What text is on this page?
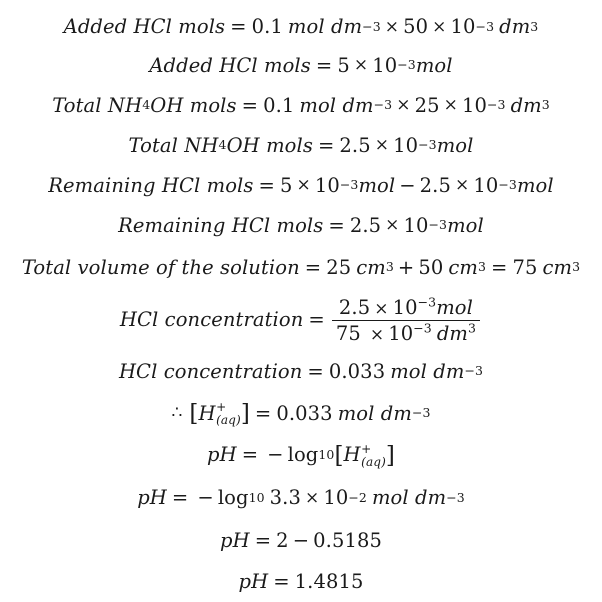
Added HCl mols = 0.1 mol dm −3 × 50 × 10 −3 dm 3
Added HCl mols = 5 × 10 −3 mol
Total NH 4 OH mols = 0.1 mol dm −3 × 25 × 10 −3 dm 3
Total NH 4 OH mols = 2.5 × 10 −3 mol
Remaining HCl mols = 5 × 10 −3 mol − 2.5 × 10 −3 mol
Remaining HCl mols = 2.5 × 10 −3 mol
Total volume of the solution = 25 cm 3 + 50 cm 3 = 75 cm 3
HCl concentration = $\frac{2.5 \times 10^{-3}mol}{75 \times 10^{-3} dm^3}$
HCl concentration = 0.033 mol dm −3
∴ [ H +
(aq) ] = 0.033 mol dm −3
pH = − log 10 [ H +
(aq) ]
pH = − log 10 3.3 × 10 −2 mol dm −3
pH = 2 − 0.5185
pH = 1.4815
